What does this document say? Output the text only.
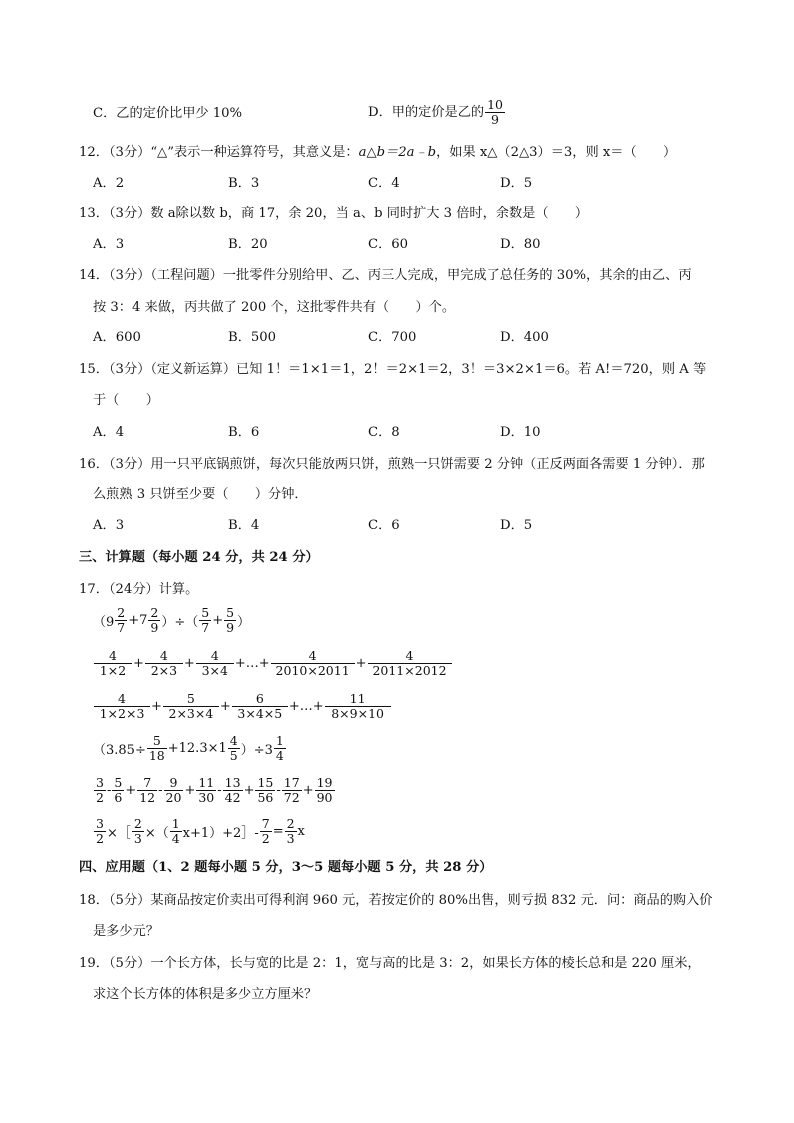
C．乙的定价比甲少 10%	D．甲的定价是乙的 $\frac{10}{9}$
12．（3分）“△”表示一种运算符号，其意义是：a△b＝2a﹣b，如果 x△（2△3）＝3，则 x＝（　　）
A．2	B．3	C．4	D．5
13．（3分）数 a除以数 b，商 17，余 20，当 a、b 同时扩大 3 倍时，余数是（　　）
A．3	B．20	C．60	D．80
14．（3分）（工程问题）一批零件分别给甲、乙、丙三人完成，甲完成了总任务的 30%，其余的由乙、丙
按 3：4 来做，丙共做了 200 个，这批零件共有（　　）个。
A．600	B．500	C．700	D．400
15．（3分）（定义新运算）已知 1！＝1×1＝1，2！＝2×1＝2，3！＝3×2×1＝6。若 A!＝720，则 A 等
于（　　）
A．4	B．6	C．8	D．10
16．（3分）用一只平底锅煎饼，每次只能放两只饼，煎熟一只饼需要 2 分钟（正反两面各需要 1 分钟）．那
么煎熟 3 只饼至少要（　　）分钟．
A．3	B．4	C．6	D．5
三、计算题（每小题 24 分，共 24 分）
17．（24分）计算。
（$9 \frac{2}{7} +7 \frac{2}{9}$ ）÷（ $\frac{5}{7} + \frac{5}{9}$ ）
$\frac{4}{1\times 2} + \frac{4}{2\times 3} + \frac{4}{3\times 4}$ +…+ $\frac{4}{2010\times 2011} + \frac{4}{2011\times 2012}$
$\frac{4}{1\times 2\times 3} + \frac{5}{2\times 3\times 4} + \frac{6}{3\times 4\times 5}$ +…+ $\frac{11}{8\times 9\times 10}$
$(3.85\div \frac{5}{18} +12.3\times 1 \frac{4}{5} )\div 3 \frac{1}{4}$
$\frac{3}{2} - \frac{5}{6} + \frac{7}{12} - \frac{9}{20} + \frac{11}{30} - \frac{13}{42} + \frac{15}{56} - \frac{17}{72} + \frac{19}{90}$
$\frac{3}{2}$ ×［ $\frac{2}{3}$ ×（ $\frac{1}{4}$ x+1）+2］- $\frac{7}{2} = \frac{2}{3}$ x
四、应用题（1、2 题每小题 5 分，3～5 题每小题 5 分，共 28 分）
18．（5分）某商品按定价卖出可得利润 960 元，若按定价的 80%出售，则亏损 832 元．问：商品的购入价
是多少元？
19．（5分）一个长方体，长与宽的比是 2：1，宽与高的比是 3：2，如果长方体的棱长总和是 220 厘米，
求这个长方体的体积是多少立方厘米？
